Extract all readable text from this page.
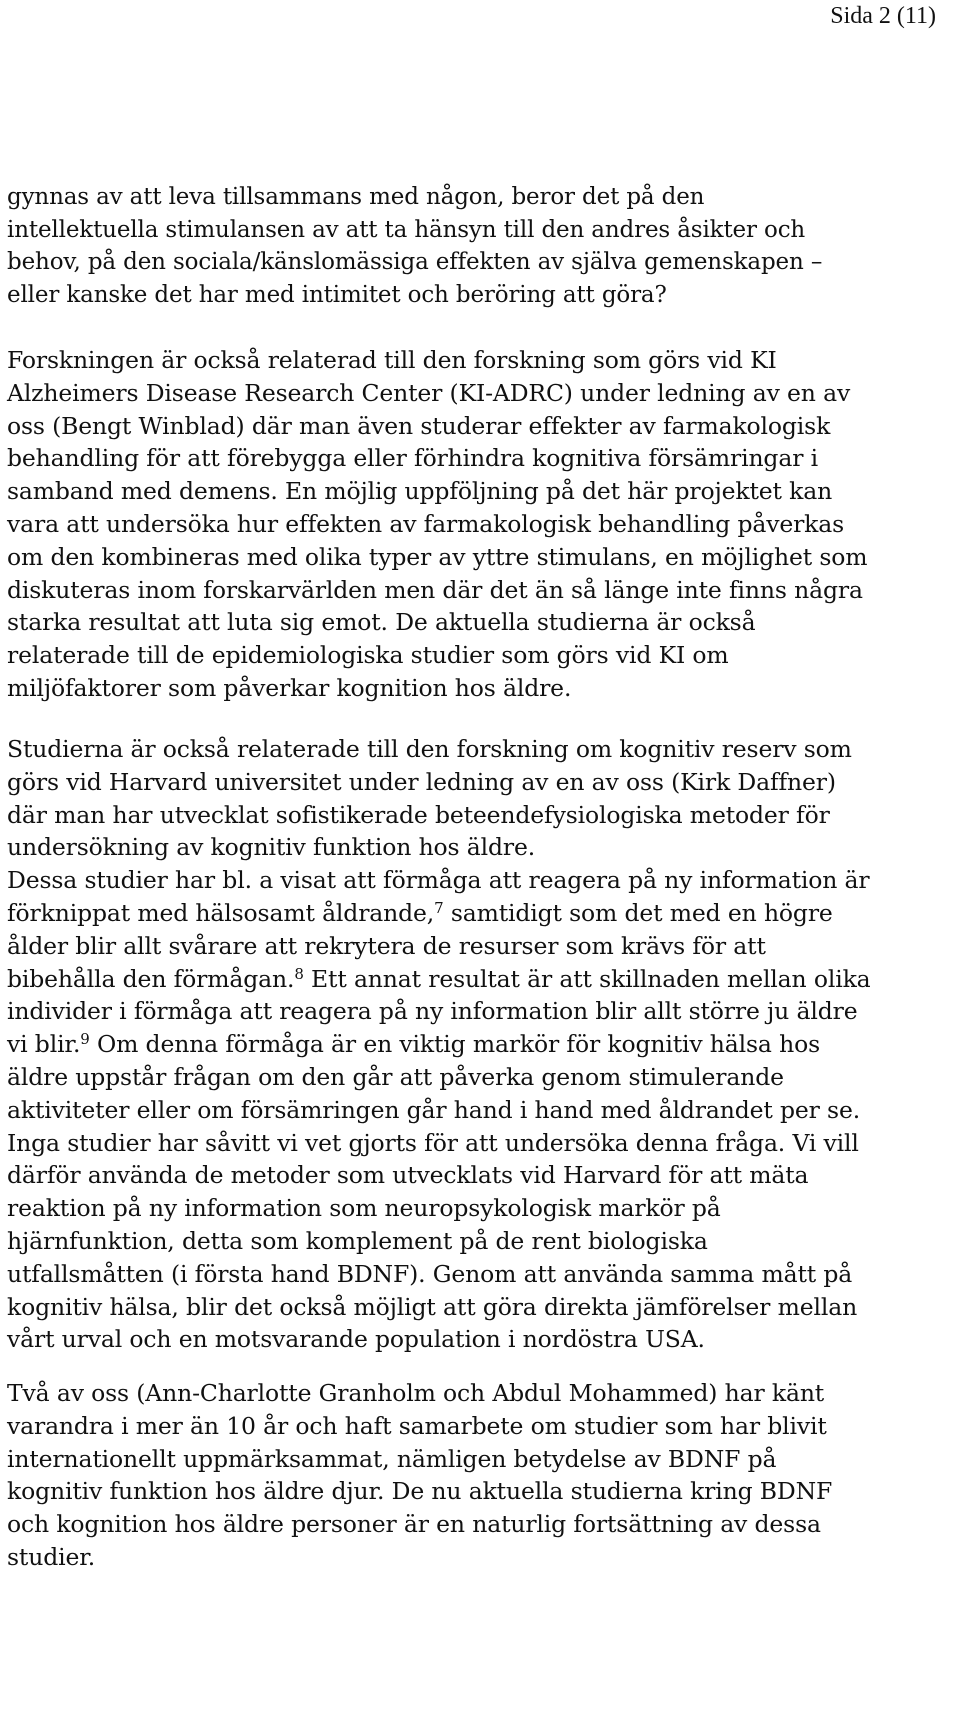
Sida 2 (11)
gynnas av att leva tillsammans med någon, beror det på den
intellektuella stimulansen av att ta hänsyn till den andres åsikter och
behov, på den sociala/känslomässiga effekten av själva gemenskapen –
eller kanske det har med intimitet och beröring att göra?
Forskningen är också relaterad till den forskning som görs vid KI
Alzheimers Disease Research Center (KI-ADRC) under ledning av en av
oss (Bengt Winblad) där man även studerar effekter av farmakologisk
behandling för att förebygga eller förhindra kognitiva försämringar i
samband med demens. En möjlig uppföljning på det här projektet kan
vara att undersöka hur effekten av farmakologisk behandling påverkas
om den kombineras med olika typer av yttre stimulans, en möjlighet som
diskuteras inom forskarvärlden men där det än så länge inte finns några
starka resultat att luta sig emot. De aktuella studierna är också
relaterade till de epidemiologiska studier som görs vid KI om
miljöfaktorer som påverkar kognition hos äldre.
Studierna är också relaterade till den forskning om kognitiv reserv som
görs vid Harvard universitet under ledning av en av oss (Kirk Daffner)
där man har utvecklat sofistikerade beteendefysiologiska metoder för
undersökning av kognitiv funktion hos äldre.
Dessa studier har bl. a visat att förmåga att reagera på ny information är
förknippat med hälsosamt åldrande,$^7$ samtidigt som det med en högre
ålder blir allt svårare att rekrytera de resurser som krävs för att
bibehålla den förmågan.$^8$ Ett annat resultat är att skillnaden mellan olika
individer i förmåga att reagera på ny information blir allt större ju äldre
vi blir.$^9$ Om denna förmåga är en viktig markör för kognitiv hälsa hos
äldre uppstår frågan om den går att påverka genom stimulerande
aktiviteter eller om försämringen går hand i hand med åldrandet per se.
Inga studier har såvitt vi vet gjorts för att undersöka denna fråga. Vi vill
därför använda de metoder som utvecklats vid Harvard för att mäta
reaktion på ny information som neuropsykologisk markör på
hjärnfunktion, detta som komplement på de rent biologiska
utfallsmåtten (i första hand BDNF). Genom att använda samma mått på
kognitiv hälsa, blir det också möjligt att göra direkta jämförelser mellan
vårt urval och en motsvarande population i nordöstra USA.
Två av oss (Ann-Charlotte Granholm och Abdul Mohammed) har känt
varandra i mer än 10 år och haft samarbete om studier som har blivit
internationellt uppmärksammat, nämligen betydelse av BDNF på
kognitiv funktion hos äldre djur. De nu aktuella studierna kring BDNF
och kognition hos äldre personer är en naturlig fortsättning av dessa
studier.
